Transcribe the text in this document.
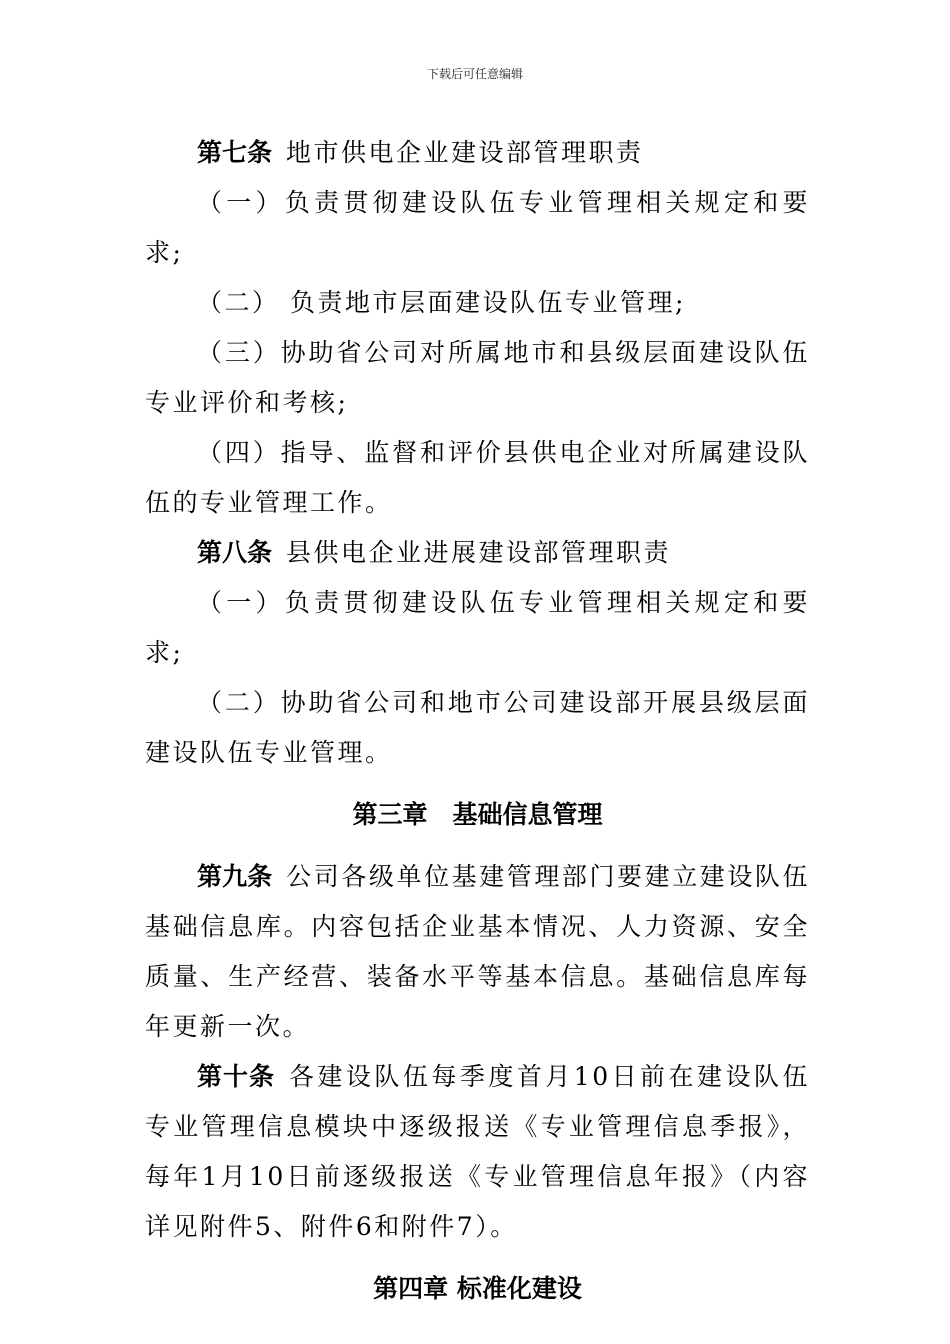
下载后可任意编辑

第七条 地市供电企业建设部管理职责

（一）负责贯彻建设队伍专业管理相关规定和要求;

（二） 负责地市层面建设队伍专业管理;

（三）协助省公司对所属地市和县级层面建设队伍专业评价和考核;

（四）指导、监督和评价县供电企业对所属建设队伍的专业管理工作。

第八条 县供电企业进展建设部管理职责

（一）负责贯彻建设队伍专业管理相关规定和要求;

（二）协助省公司和地市公司建设部开展县级层面建设队伍专业管理。

第三章　基础信息管理

第九条 公司各级单位基建管理部门要建立建设队伍基础信息库。内容包括企业基本情况、人力资源、安全质量、生产经营、装备水平等基本信息。基础信息库每年更新一次。

第十条 各建设队伍每季度首月10日前在建设队伍专业管理信息模块中逐级报送《专业管理信息季报》，每年1月10日前逐级报送《专业管理信息年报》（内容详见附件5、附件6和附件7）。

第四章 标准化建设
